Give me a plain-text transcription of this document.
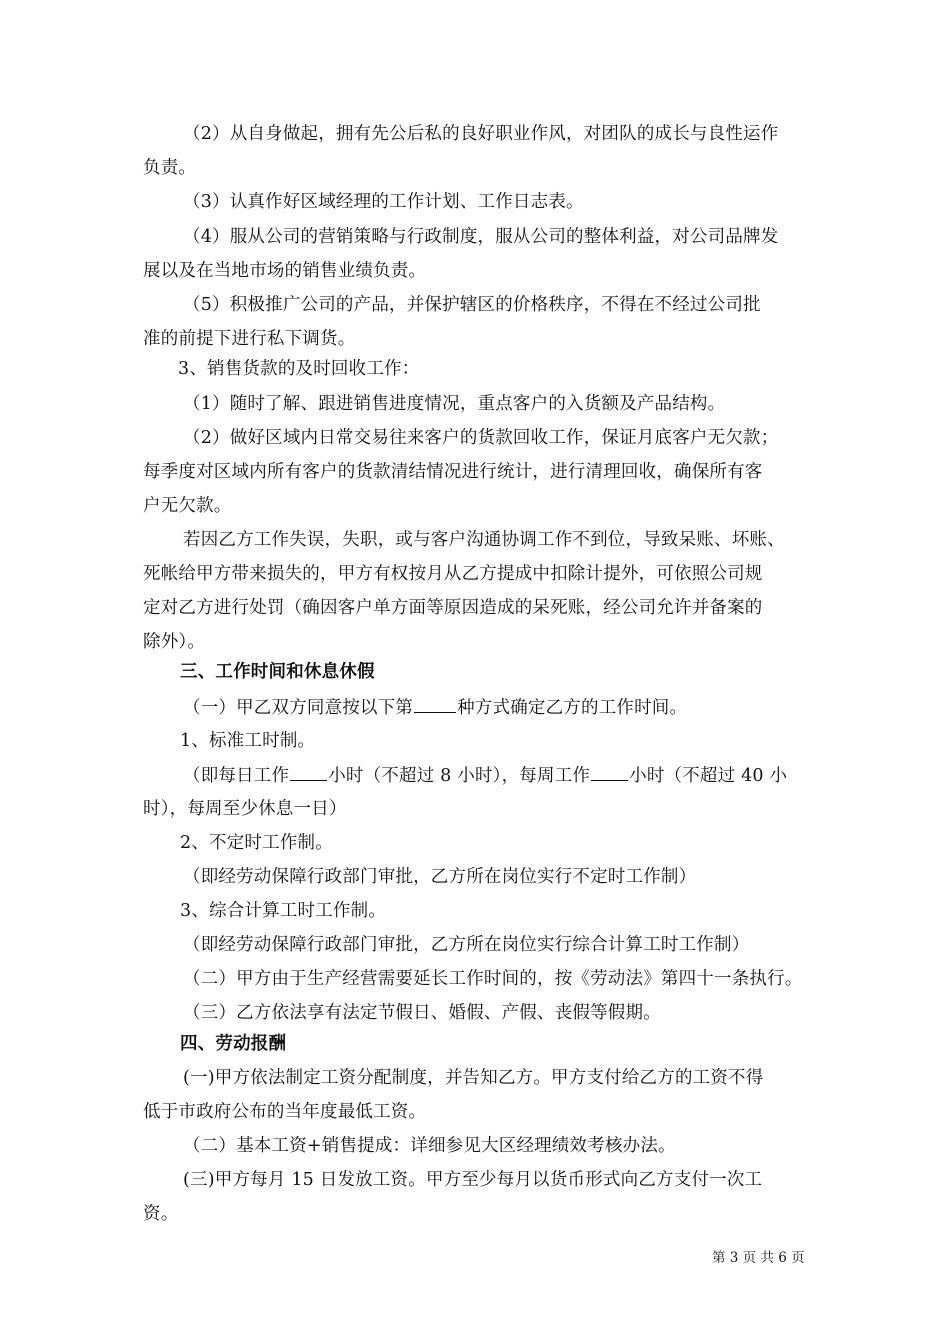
（2）从自身做起，拥有先公后私的良好职业作风，对团队的成长与良性运作
负责。
（3）认真作好区域经理的工作计划、工作日志表。
（4）服从公司的营销策略与行政制度，服从公司的整体利益，对公司品牌发
展以及在当地市场的销售业绩负责。
（5）积极推广公司的产品，并保护辖区的价格秩序，不得在不经过公司批
准的前提下进行私下调货。
3、销售货款的及时回收工作：
（1）随时了解、跟进销售进度情况，重点客户的入货额及产品结构。
（2）做好区域内日常交易往来客户的货款回收工作，保证月底客户无欠款；
每季度对区域内所有客户的货款清结情况进行统计，进行清理回收，确保所有客
户无欠款。
若因乙方工作失误，失职，或与客户沟通协调工作不到位，导致呆账、坏账、
死帐给甲方带来损失的，甲方有权按月从乙方提成中扣除计提外，可依照公司规
定对乙方进行处罚（确因客户单方面等原因造成的呆死账，经公司允许并备案的
除外）。
三、工作时间和休息休假
（一）甲乙双方同意按以下第	种方式确定乙方的工作时间。
1、标准工时制。
（即每日工作 小时（不超过 8 小时），每周工作 小时（不超过 40 小
时），每周至少休息一日）
2、不定时工作制。
（即经劳动保障行政部门审批，乙方所在岗位实行不定时工作制）
3、综合计算工时工作制。
（即经劳动保障行政部门审批，乙方所在岗位实行综合计算工时工作制）
（二）甲方由于生产经营需要延长工作时间的，按《劳动法》第四十一条执行。
（三）乙方依法享有法定节假日、婚假、产假、丧假等假期。
四、劳动报酬
(一)甲方依法制定工资分配制度，并告知乙方。甲方支付给乙方的工资不得
低于市政府公布的当年度最低工资。
（二）基本工资+销售提成：详细参见大区经理绩效考核办法。
(三)甲方每月 15 日发放工资。甲方至少每月以货币形式向乙方支付一次工
资。
第 3 页 共 6 页
